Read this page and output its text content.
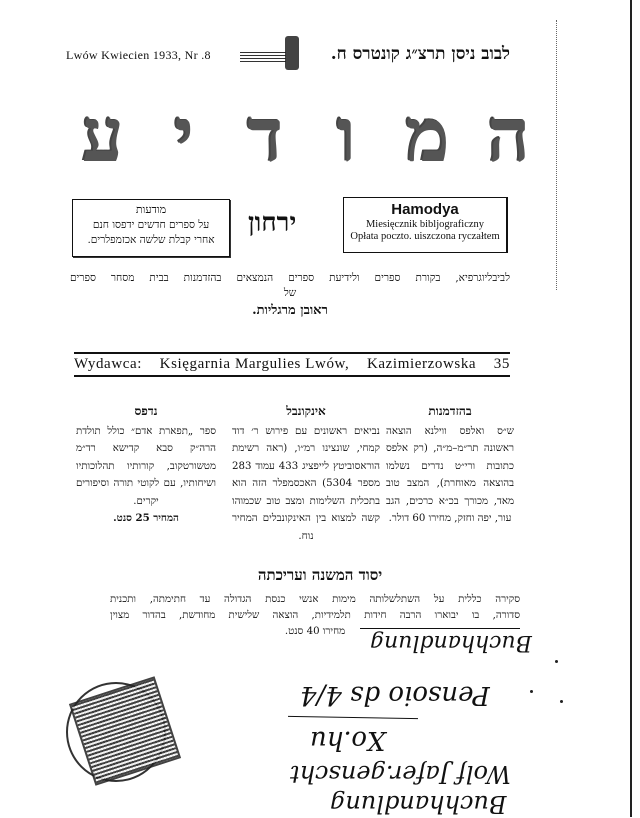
Lwów Kwiecien 1933, Nr .8	לבוב ניסן תרצ״ג קונטרס ח.
ע י ד ו מ ה
מודעות
על ספרים חדשים ידפסו חנם
אחרי קבלת שלשה אכזמפלרים.
ירחון	Hamodya
Miesięcznik bibljograficzny
Opłata poczto. uiszczona ryczałtem
לביבליוגרפיא, בקורת ספרים ולידיעת ספרים הנמצאים בהזדמנות בבית מסחר ספרים
של
ראובן מרגליות.
Wydawca: Księgarnia Margulies Lwów, Kazimierzowska 35
בהזדמנות
ש״ס ואלפס ווילנא הוצאה ראשונה תר״מ–מ״ה, (רק אלפס כתובות ורי״ט נדרים נשלמו בהוצאה מאוחרת), המצב טוב מאד, מכורך בכ״א כרכים, הגב עור, יפה וחזק, מחירו 60 דולר.
אינקונבל
נביאים ראשונים עם פירוש ר׳ דוד קמחי, שונצינו רמ״ו, (ראה רשימת הוראסוביטץ לייפציג 433 עמוד 283 מספר 5304) האכסמפלר הזה הוא בתכלית השלימות ומצב טוב שכמוהו קשה למצוא בין האינקונבלים המחיר נוח.
נדפס
ספר „תפארת אדם״ כולל תולדת הרה״ק סבא קדישא רד״מ מטשורטקוב, קורותיו תהלוכותיו ושיחותיו, עם לקוטי תורה וסיפורים יקרים.
המחיר 25 סנט.
יסוד המשנה ועריכתה
סקירה כללית על השתלשלותה מימות אנשי כנסת הגדולה עד חתימתה, ותכנית
סדורה, בו יבוארו הרבה חידות תלמידיות, הוצאה שלישית מחודשת, בהדור מצוין
מחירו 40 סנט.	Buchhandlung
Pensoio ds 4/4
Xo.hu
Wolf Jafer.genscht
Buchhandlung
